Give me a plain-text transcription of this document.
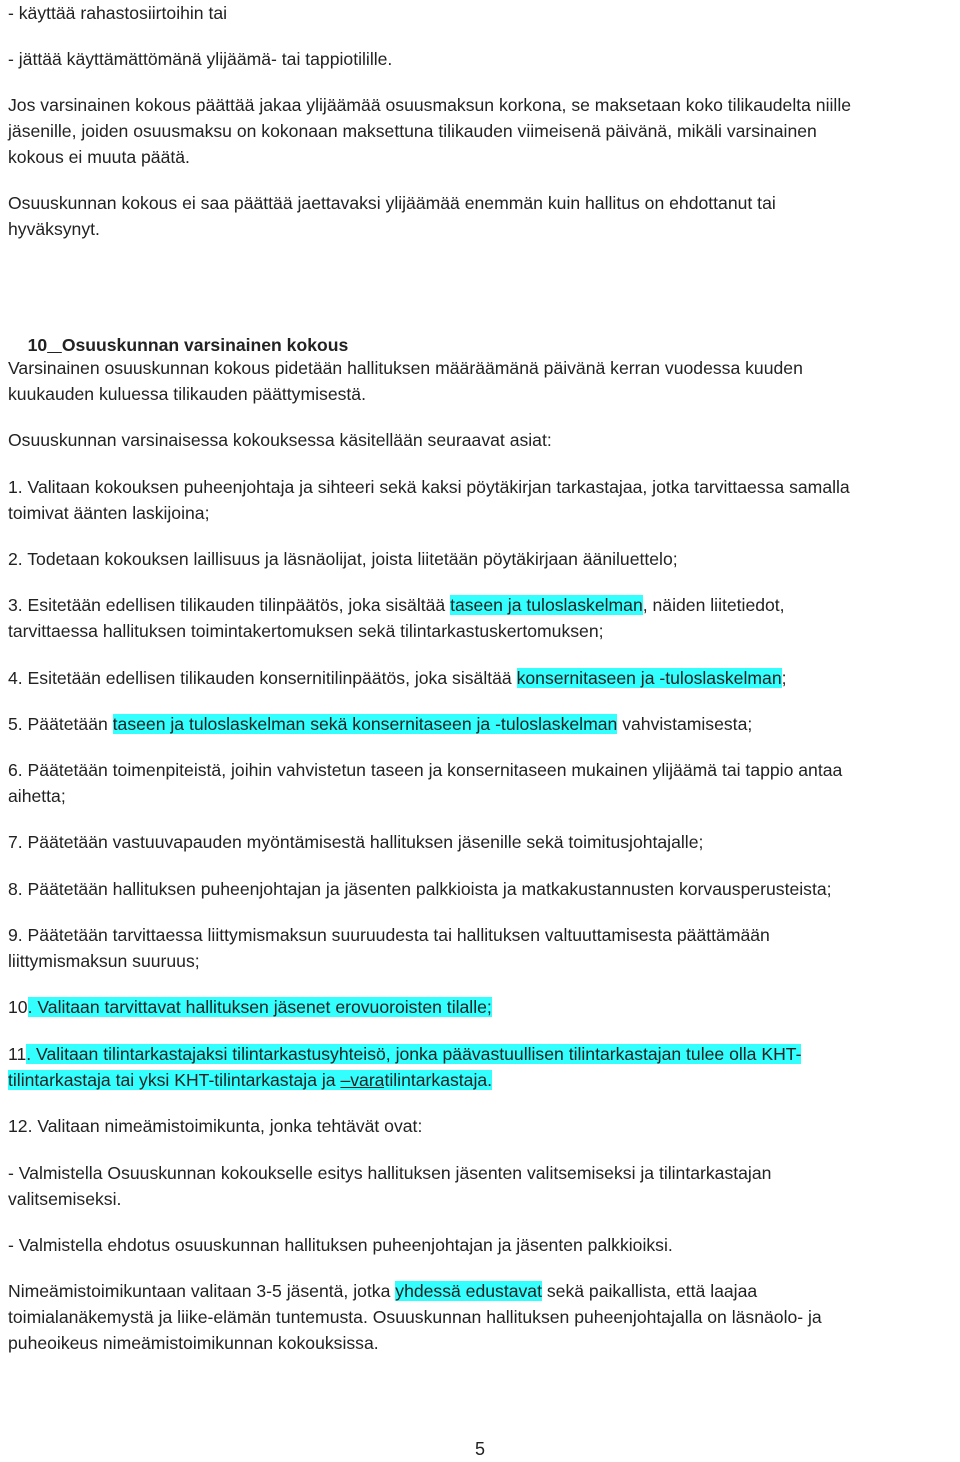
- käyttää rahastosiirtoihin tai
- jättää käyttämättömänä ylijäämä- tai tappiotilille.
Jos varsinainen kokous päättää jakaa ylijäämää osuusmaksun korkona, se maksetaan koko tilikaudelta niille
jäsenille, joiden osuusmaksu on kokonaan maksettuna tilikauden viimeisenä päivänä, mikäli varsinainen
kokous ei muuta päätä.
Osuuskunnan kokous ei saa päättää jaettavaksi ylijäämää enemmän kuin hallitus on ehdottanut tai
hyväksynyt.

10 Osuuskunnan varsinainen kokous

Varsinainen osuuskunnan kokous pidetään hallituksen määräämänä päivänä kerran vuodessa kuuden
kuukauden kuluessa tilikauden päättymisestä.
Osuuskunnan varsinaisessa kokouksessa käsitellään seuraavat asiat:
1. Valitaan kokouksen puheenjohtaja ja sihteeri sekä kaksi pöytäkirjan tarkastajaa, jotka tarvittaessa samalla
toimivat äänten laskijoina;
2. Todetaan kokouksen laillisuus ja läsnäolijat, joista liitetään pöytäkirjaan ääniluettelo;
3. Esitetään edellisen tilikauden tilinpäätös, joka sisältää taseen ja tuloslaskelman, näiden liitetiedot,
tarvittaessa hallituksen toimintakertomuksen sekä tilintarkastuskertomuksen;
4. Esitetään edellisen tilikauden konsernitilinpäätös, joka sisältää konsernitaseen ja -tuloslaskelman;
5. Päätetään taseen ja tuloslaskelman sekä konsernitaseen ja -tuloslaskelman vahvistamisesta;
6. Päätetään toimenpiteistä, joihin vahvistetun taseen ja konsernitaseen mukainen ylijäämä tai tappio antaa
aihetta;
7. Päätetään vastuuvapauden myöntämisestä hallituksen jäsenille sekä toimitusjohtajalle;
8. Päätetään hallituksen puheenjohtajan ja jäsenten palkkioista ja matkakustannusten korvausperusteista;
9. Päätetään tarvittaessa liittymismaksun suuruudesta tai hallituksen valtuuttamisesta päättämään
liittymismaksun suuruus;
10. Valitaan tarvittavat hallituksen jäsenet erovuoroisten tilalle;
11. Valitaan tilintarkastajaksi tilintarkastusyhteisö, jonka päävastuullisen tilintarkastajan tulee olla KHT-
tilintarkastaja tai yksi KHT-tilintarkastaja ja –varatilintarkastaja.
12. Valitaan nimeämistoimikunta, jonka tehtävät ovat:
- Valmistella Osuuskunnan kokoukselle esitys hallituksen jäsenten valitsemiseksi ja tilintarkastajan
valitsemiseksi.
- Valmistella ehdotus osuuskunnan hallituksen puheenjohtajan ja jäsenten palkkioiksi.
Nimeämistoimikuntaan valitaan 3-5 jäsentä, jotka yhdessä edustavat sekä paikallista, että laajaa
toimialanäkemystä ja liike-elämän tuntemusta. Osuuskunnan hallituksen puheenjohtajalla on läsnäolo- ja
puheoikeus nimeämistoimikunnan kokouksissa.
5
